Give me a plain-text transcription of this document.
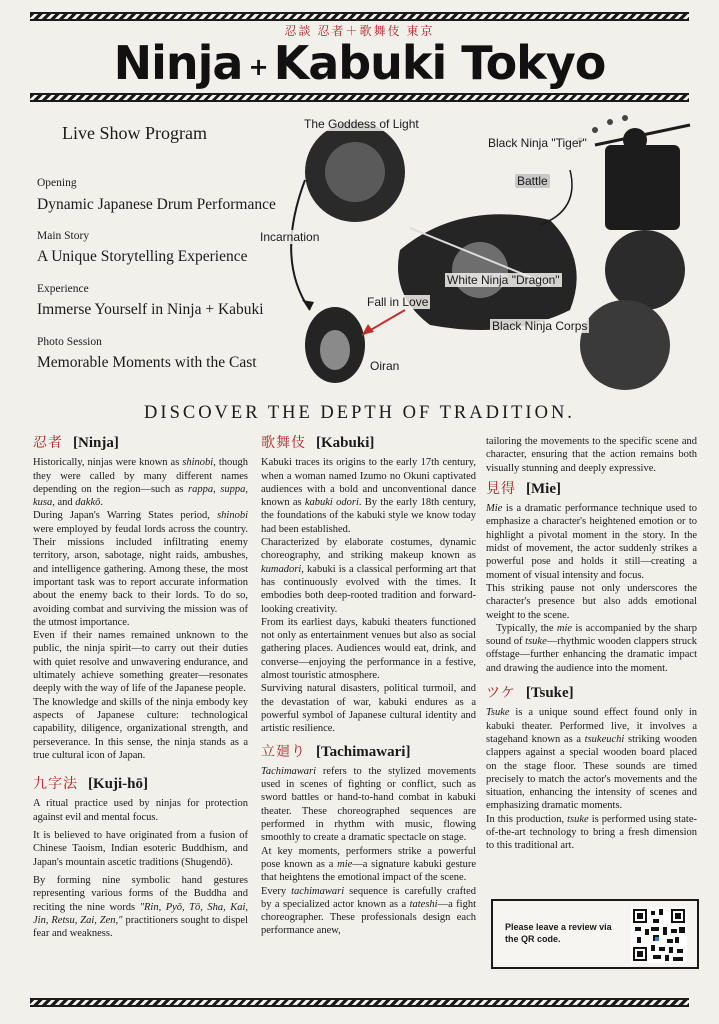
忍談 忍者＋歌舞伎 東京
Ninja + Kabuki Tokyo
Live Show Program
Opening
Dynamic Japanese Drum Performance
Main Story
A Unique Storytelling Experience
Experience
Immerse Yourself in Ninja + Kabuki
Photo Session
Memorable Moments with the Cast
The Goddess of Light
Black Ninja "Tiger"
Battle
Incarnation
White Ninja "Dragon"
Fall in Love
Black Ninja Corps
Oiran
DISCOVER THE DEPTH OF TRADITION.
忍者 [Ninja]

Historically, ninjas were known as shinobi, though they were called by many different names depending on the region—such as rappa, suppa, kusa, and dakkō.

During Japan's Warring States period, shinobi were employed by feudal lords across the country. Their missions included infiltrating enemy territory, arson, sabotage, night raids, ambushes, and intelligence gathering. Among these, the most important task was to report accurate information about the enemy back to their lords. To do so, avoiding combat and surviving the mission was of the utmost importance.

Even if their names remained unknown to the public, the ninja spirit—to carry out their duties with quiet resolve and unwavering endurance, and ultimately achieve something greater—resonates deeply with the way of life of the Japanese people.

The knowledge and skills of the ninja embody key aspects of Japanese culture: technological capability, diligence, organizational strength, and perseverance. In this sense, the ninja stands as a true cultural icon of Japan.

九字法 [Kuji-hō]

A ritual practice used by ninjas for protection against evil and mental focus.

It is believed to have originated from a fusion of Chinese Taoism, Indian esoteric Buddhism, and Japan's mountain ascetic traditions (Shugendō).

By forming nine symbolic hand gestures representing various forms of the Buddha and reciting the nine words "Rin, Pyō, Tō, Sha, Kai, Jin, Retsu, Zai, Zen," practitioners sought to dispel fear and weakness.

歌舞伎 [Kabuki]

Kabuki traces its origins to the early 17th century, when a woman named Izumo no Okuni captivated audiences with a bold and unconventional dance known as kabuki odori. By the early 18th century, the foundations of the kabuki style we know today had been established.

Characterized by elaborate costumes, dynamic choreography, and striking makeup known as kumadori, kabuki is a classical performing art that has continuously evolved with the times. It embodies both deep-rooted tradition and forward-looking creativity.

From its earliest days, kabuki theaters functioned not only as entertainment venues but also as social gathering places. Audiences would eat, drink, and converse—enjoying the performance in a festive, almost touristic atmosphere.

Surviving natural disasters, political turmoil, and the devastation of war, kabuki endures as a powerful symbol of Japanese cultural identity and artistic resilience.

立廻り [Tachimawari]

Tachimawari refers to the stylized movements used in scenes of fighting or conflict, such as sword battles or hand-to-hand combat in kabuki theater. These choreographed sequences are performed in rhythm with music, flowing smoothly to create a dramatic spectacle on stage.

At key moments, performers strike a powerful pose known as a mie—a signature kabuki gesture that heightens the emotional impact of the scene.

Every tachimawari sequence is carefully crafted by a specialized actor known as a tateshi—a fight choreographer. These professionals design each performance anew,

tailoring the movements to the specific scene and character, ensuring that the action remains both visually stunning and deeply expressive.

見得 [Mie]

Mie is a dramatic performance technique used to emphasize a character's heightened emotion or to highlight a pivotal moment in the story. In the midst of movement, the actor suddenly strikes a powerful pose and holds it still—creating a moment of visual intensity and focus.

This striking pause not only underscores the character's presence but also adds emotional weight to the scene.

Typically, the mie is accompanied by the sharp sound of tsuke—rhythmic wooden clappers struck offstage—further enhancing the dramatic impact and drawing the audience into the moment.

ツケ [Tsuke]

Tsuke is a unique sound effect found only in kabuki theater. Performed live, it involves a stagehand known as a tsukeuchi striking wooden clappers against a special wooden board placed on the stage floor. These sounds are timed precisely to match the actor's movements and the situation, enhancing the intensity of scenes and emphasizing dramatic moments.

In this production, tsuke is performed using state-of-the-art technology to bring a fresh dimension to this traditional art.

Please leave a review via the QR code.
